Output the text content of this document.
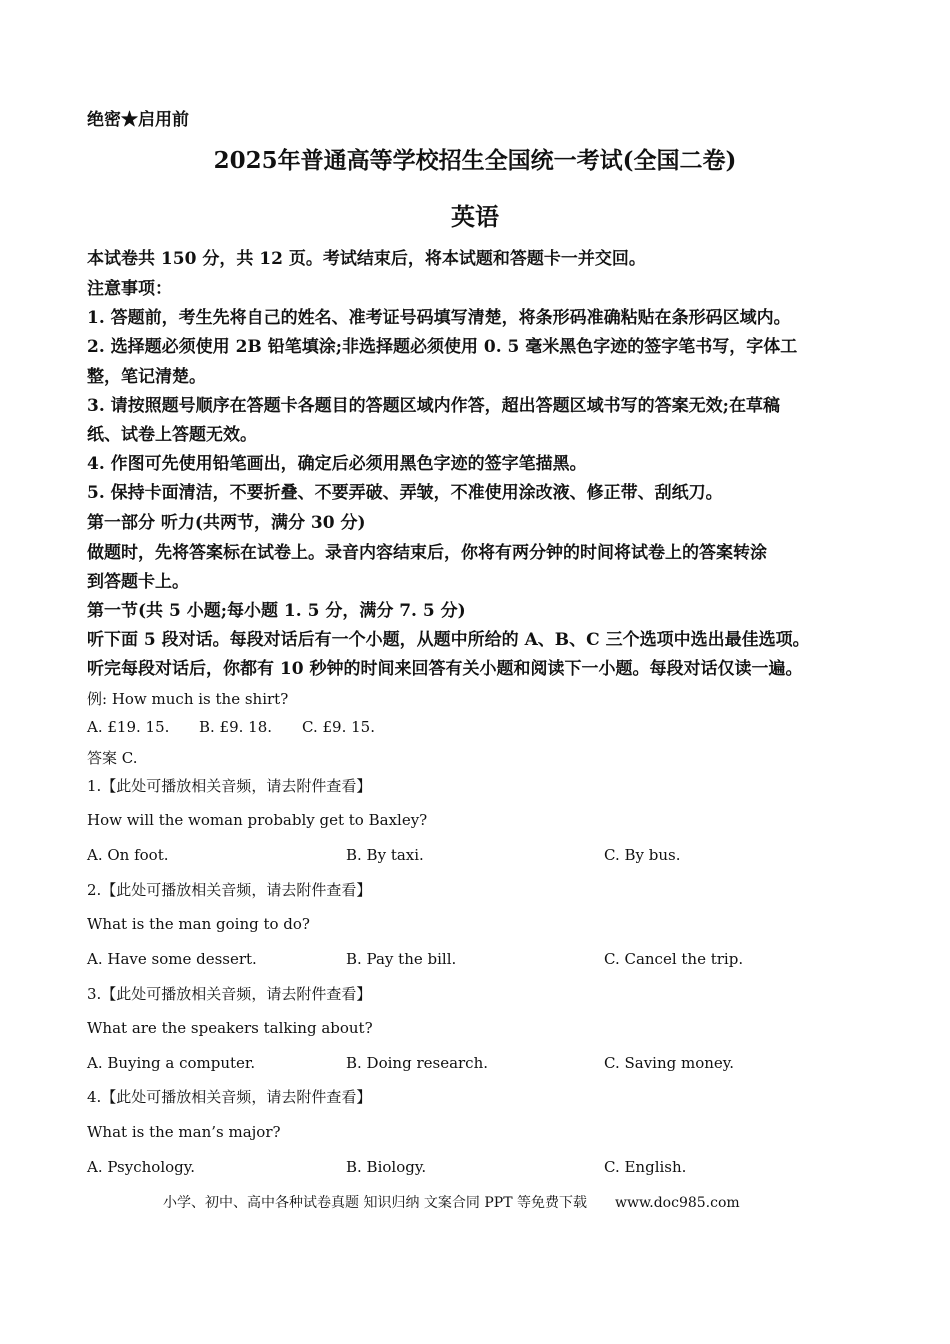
绝密★启用前
2025年普通高等学校招生全国统一考试(全国二卷)
英语
本试卷共 150 分，共 12 页。考试结束后，将本试题和答题卡一并交回。
注意事项：
1. 答题前，考生先将自己的姓名、准考证号码填写清楚，将条形码准确粘贴在条形码区域内。
2. 选择题必须使用 2B 铅笔填涂;非选择题必须使用 0. 5 毫米黑色字迹的签字笔书写，字体工
整，笔记清楚。
3. 请按照题号顺序在答题卡各题目的答题区域内作答，超出答题区域书写的答案无效;在草稿
纸、试卷上答题无效。
4. 作图可先使用铅笔画出，确定后必须用黑色字迹的签字笔描黑。
5. 保持卡面清洁，不要折叠、不要弄破、弄皱，不准使用涂改液、修正带、刮纸刀。
第一部分 听力(共两节，满分 30 分)
做题时，先将答案标在试卷上。录音内容结束后，你将有两分钟的时间将试卷上的答案转涂
到答题卡上。
第一节(共 5 小题;每小题 1. 5 分，满分 7. 5 分)
听下面 5 段对话。每段对话后有一个小题，从题中所给的 A、B、C 三个选项中选出最佳选项。
听完每段对话后，你都有 10 秒钟的时间来回答有关小题和阅读下一小题。每段对话仅读一遍。
例: How much is the shirt?
A. £19. 15. B. £9. 18. C. £9. 15.
答案 C.
1.【此处可播放相关音频，请去附件查看】
How will the woman probably get to Baxley?
A. On foot.	B. By taxi.	C. By bus.
2.【此处可播放相关音频，请去附件查看】
What is the man going to do?
A. Have some dessert.	B. Pay the bill.	C. Cancel the trip.
3.【此处可播放相关音频，请去附件查看】
What are the speakers talking about?
A. Buying a computer.	B. Doing research.	C. Saving money.
4.【此处可播放相关音频，请去附件查看】
What is the man’s major?
A. Psychology.	B. Biology.	C. English.
小学、初中、高中各种试卷真题 知识归纳 文案合同 PPT 等免费下载 www.doc985.com
